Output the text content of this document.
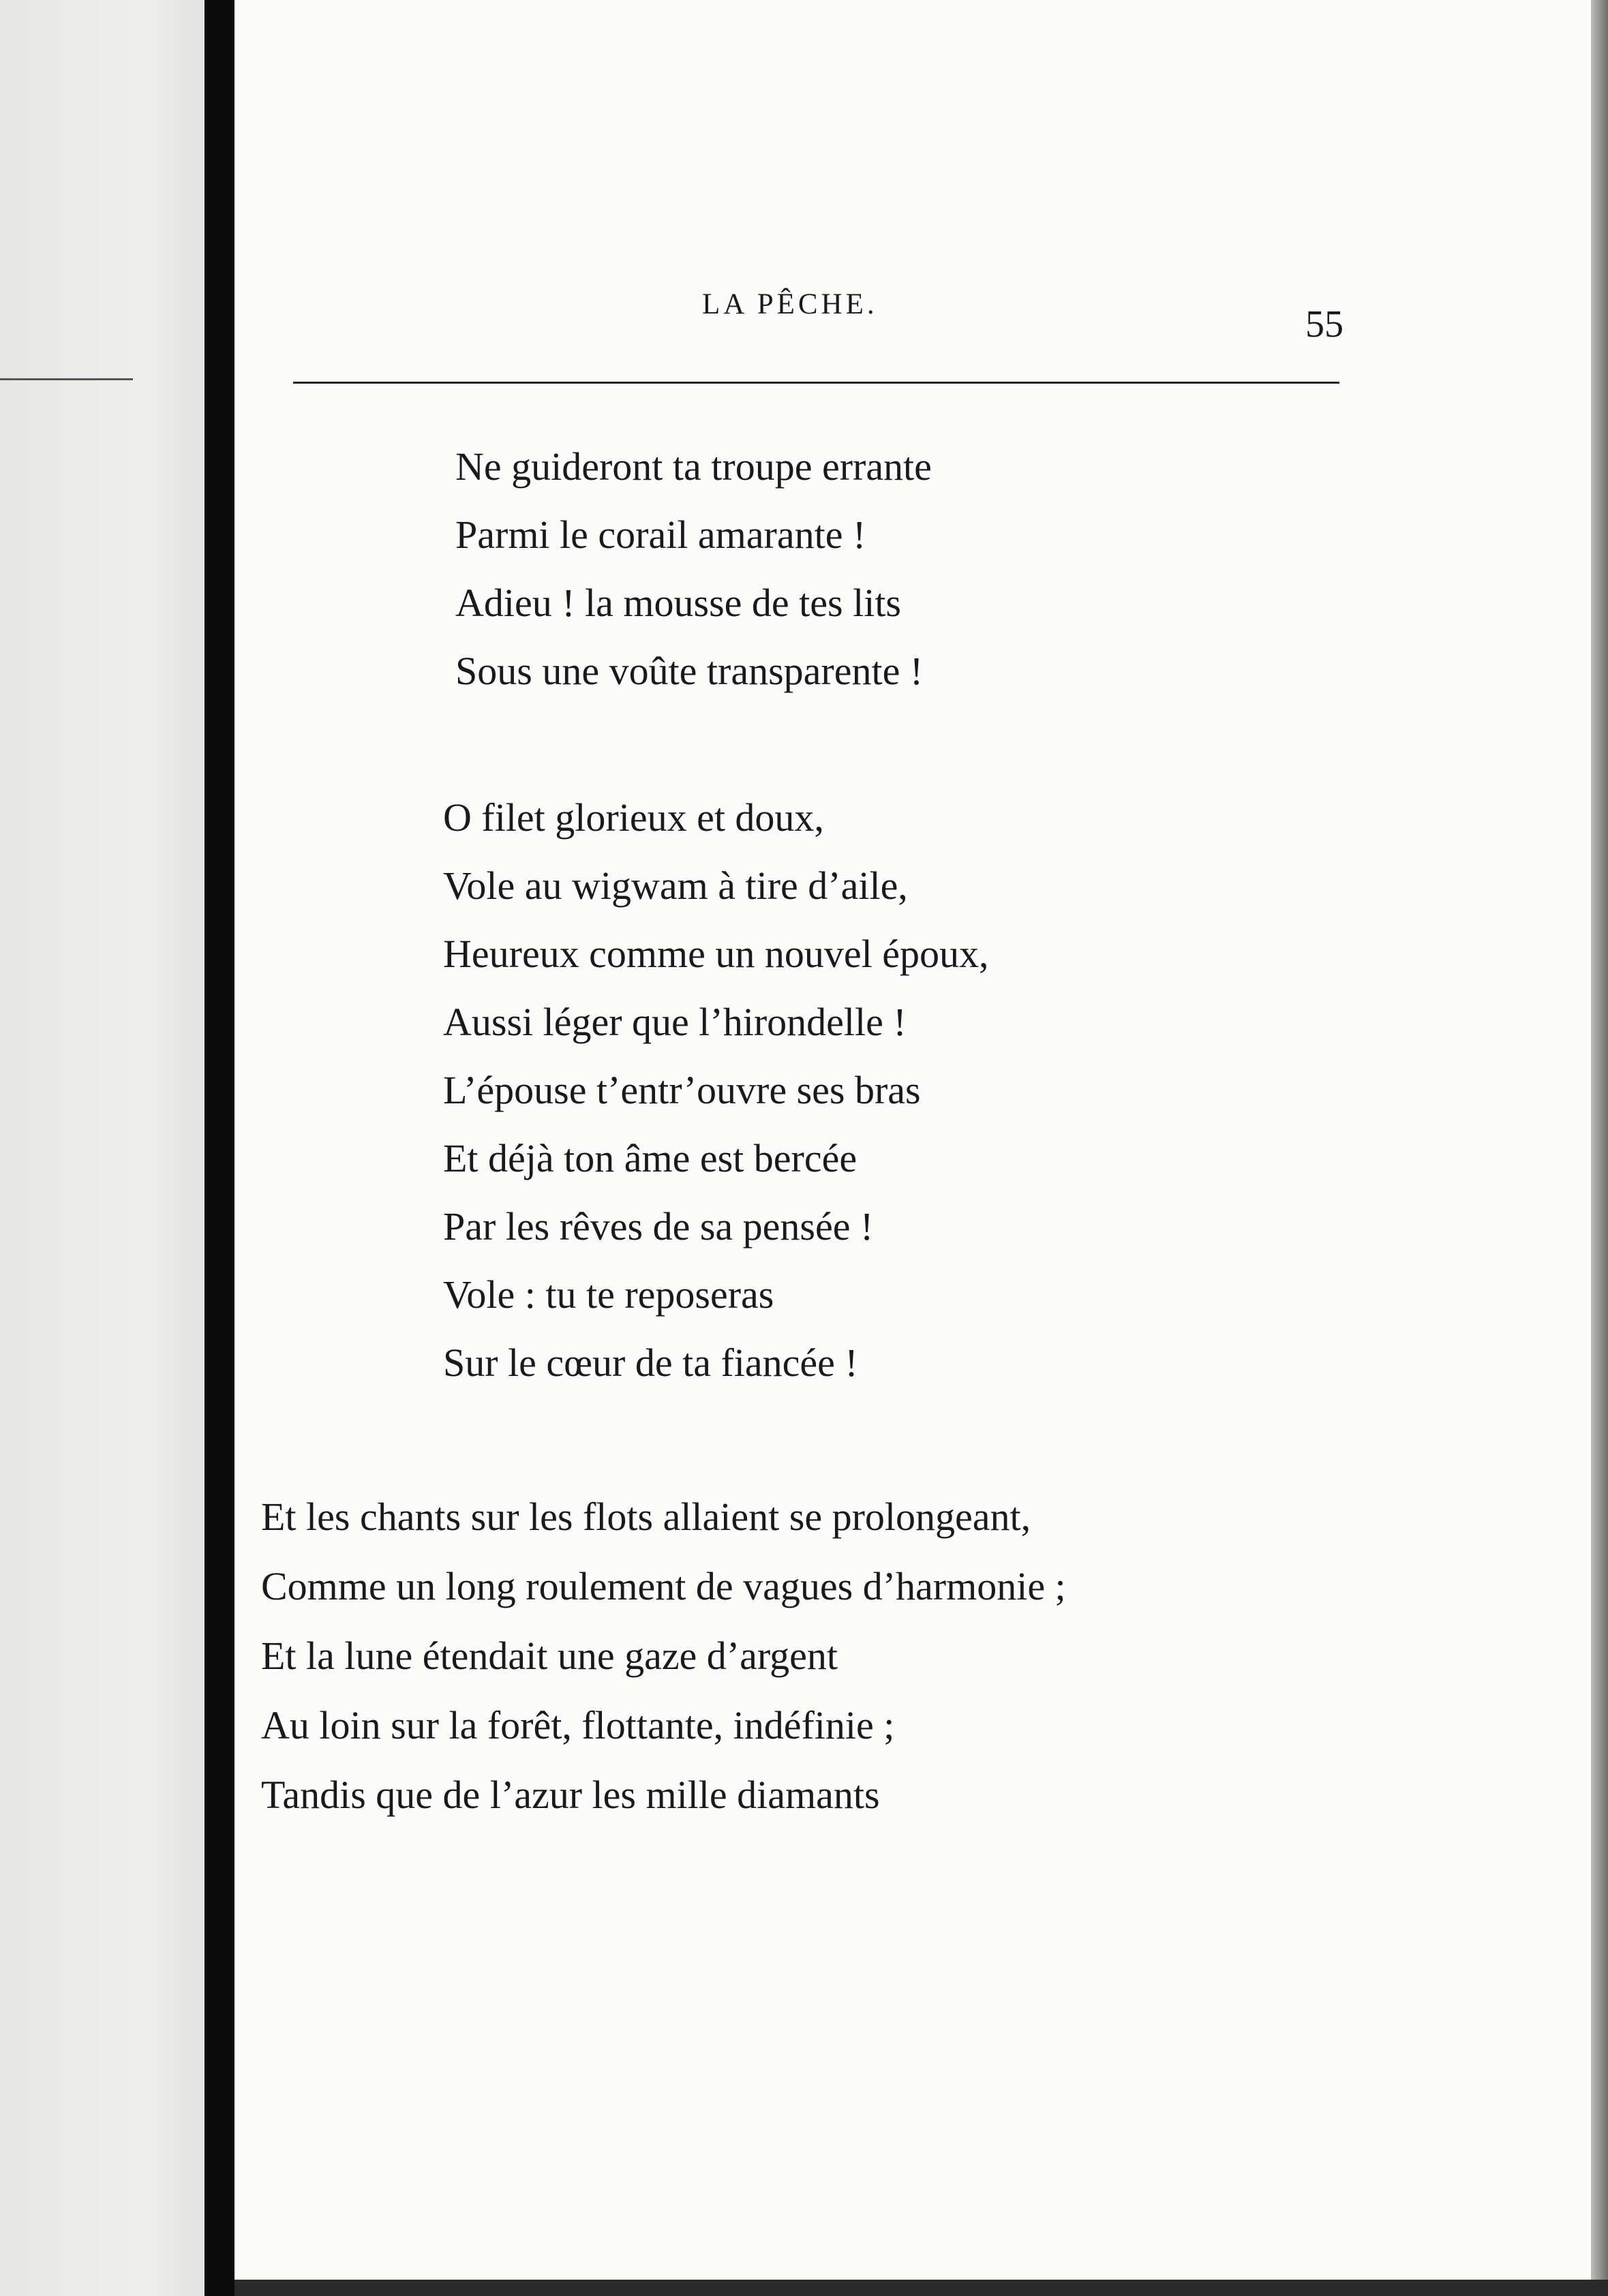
LA PÊCHE.	55
Ne guideront ta troupe errante
Parmi le corail amarante !
Adieu ! la mousse de tes lits
Sous une voûte transparente !
O filet glorieux et doux,
Vole au wigwam à tire d’aile,
Heureux comme un nouvel époux,
Aussi léger que l’hirondelle !
L’épouse t’entr’ouvre ses bras
Et déjà ton âme est bercée
Par les rêves de sa pensée !
Vole : tu te reposeras
Sur le cœur de ta fiancée !
Et les chants sur les flots allaient se prolongeant,
Comme un long roulement de vagues d’harmonie ;
Et la lune étendait une gaze d’argent
Au loin sur la forêt, flottante, indéfinie ;
Tandis que de l’azur les mille diamants
